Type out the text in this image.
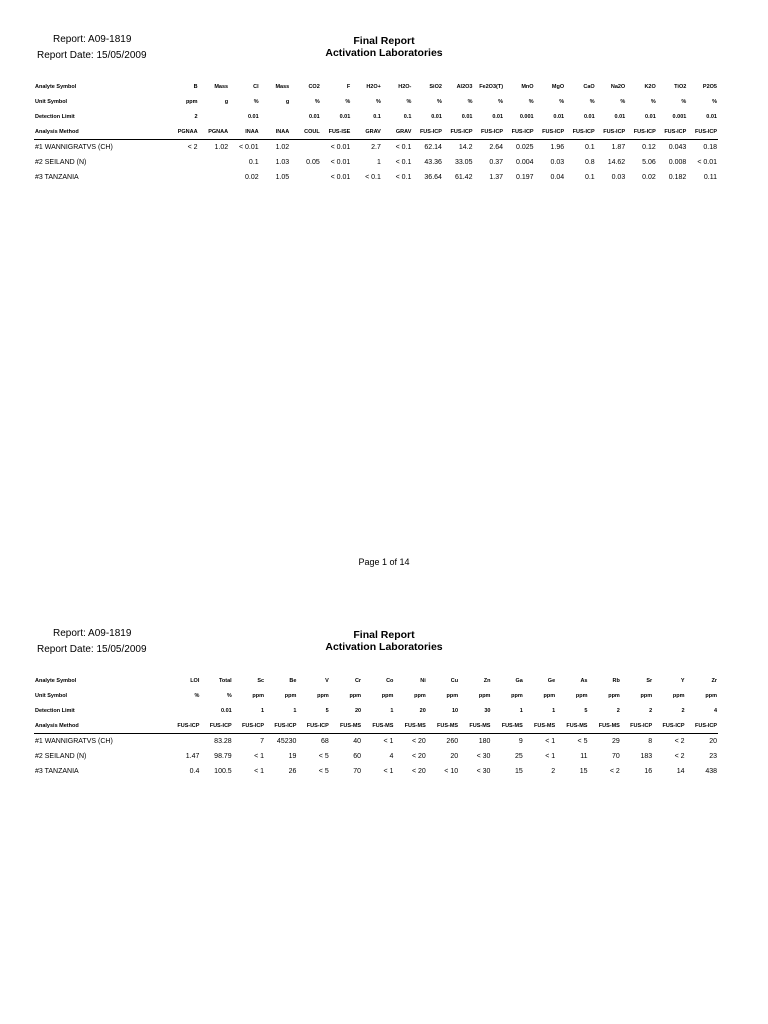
Report: A09-1819
Report Date: 15/05/2009
Final Report
Activation Laboratories
Analyte Symbol	B	Mass	Cl	Mass	CO2	F	H2O+	H2O-	SiO2	Al2O3	Fe2O3(T)	MnO	MgO	CaO	Na2O	K2O	TiO2	P2O5
Unit Symbol	ppm	g	%	g	%	%	%	%	%	%	%	%	%	%	%	%	%	%
Detection Limit	2		0.01		0.01	0.01	0.1	0.1	0.01	0.01	0.01	0.001	0.01	0.01	0.01	0.01	0.001	0.01
Analysis Method	PGNAA	PGNAA	INAA	INAA	COUL	FUS-ISE	GRAV	GRAV	FUS-ICP	FUS-ICP	FUS-ICP	FUS-ICP	FUS-ICP	FUS-ICP	FUS-ICP	FUS-ICP	FUS-ICP	FUS-ICP
#1 WANNIGRATVS (CH)	< 2	1.02	< 0.01	1.02		< 0.01	2.7	< 0.1	62.14	14.2	2.64	0.025	1.96	0.1	1.87	0.12	0.043	0.18
#2 SEILAND (N)			0.1	1.03	0.05	< 0.01	1	< 0.1	43.36	33.05	0.37	0.004	0.03	0.8	14.62	5.06	0.008	< 0.01
#3 TANZANIA			0.02	1.05		< 0.01	< 0.1	< 0.1	36.64	61.42	1.37	0.197	0.04	0.1	0.03	0.02	0.182	0.11
Page 1 of 14
Report: A09-1819
Report Date: 15/05/2009
Final Report
Activation Laboratories
Analyte Symbol	LOI	Total	Sc	Be	V	Cr	Co	Ni	Cu	Zn	Ga	Ge	As	Rb	Sr	Y	Zr
Unit Symbol	%	%	ppm	ppm	ppm	ppm	ppm	ppm	ppm	ppm	ppm	ppm	ppm	ppm	ppm	ppm	ppm
Detection Limit		0.01	1	1	5	20	1	20	10	30	1	1	5	2	2	2	4
Analysis Method	FUS-ICP	FUS-ICP	FUS-ICP	FUS-ICP	FUS-ICP	FUS-MS	FUS-MS	FUS-MS	FUS-MS	FUS-MS	FUS-MS	FUS-MS	FUS-MS	FUS-MS	FUS-ICP	FUS-ICP	FUS-ICP
#1 WANNIGRATVS (CH)		83.28	7	45230	68	40	< 1	< 20	260	180	9	< 1	< 5	29	8	< 2	20
#2 SEILAND (N)	1.47	98.79	< 1	19	< 5	60	4	< 20	20	< 30	25	< 1	11	70	183	< 2	23
#3 TANZANIA	0.4	100.5	< 1	26	< 5	70	< 1	< 20	< 10	< 30	15	2	15	< 2	16	14	438
